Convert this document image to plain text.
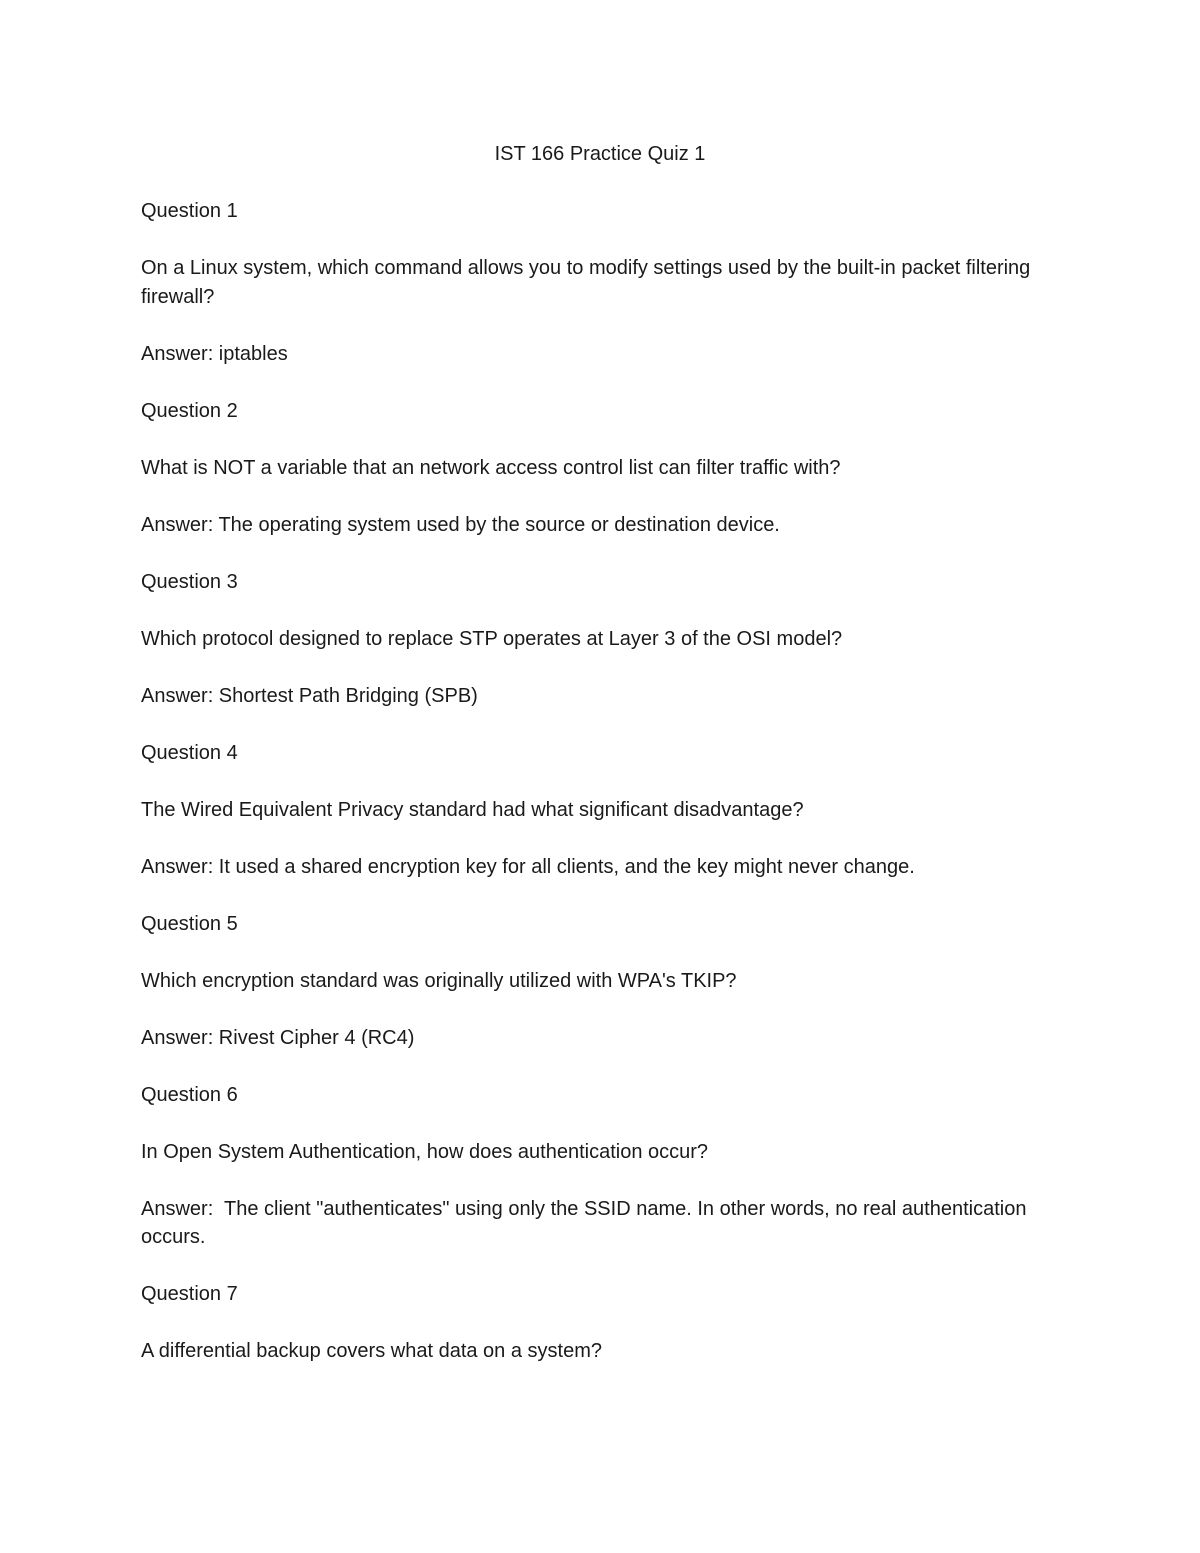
IST 166 Practice Quiz 1

Question 1

On a Linux system, which command allows you to modify settings used by the built-in packet filtering firewall?

Answer: iptables

Question 2

What is NOT a variable that an network access control list can filter traffic with?

Answer: The operating system used by the source or destination device.

Question 3

Which protocol designed to replace STP operates at Layer 3 of the OSI model?

Answer: Shortest Path Bridging (SPB)

Question 4

The Wired Equivalent Privacy standard had what significant disadvantage?

Answer: It used a shared encryption key for all clients, and the key might never change.

Question 5

Which encryption standard was originally utilized with WPA's TKIP?

Answer: Rivest Cipher 4 (RC4)

Question 6

In Open System Authentication, how does authentication occur?

Answer:  The client "authenticates" using only the SSID name. In other words, no real authentication occurs.

Question 7

A differential backup covers what data on a system?
